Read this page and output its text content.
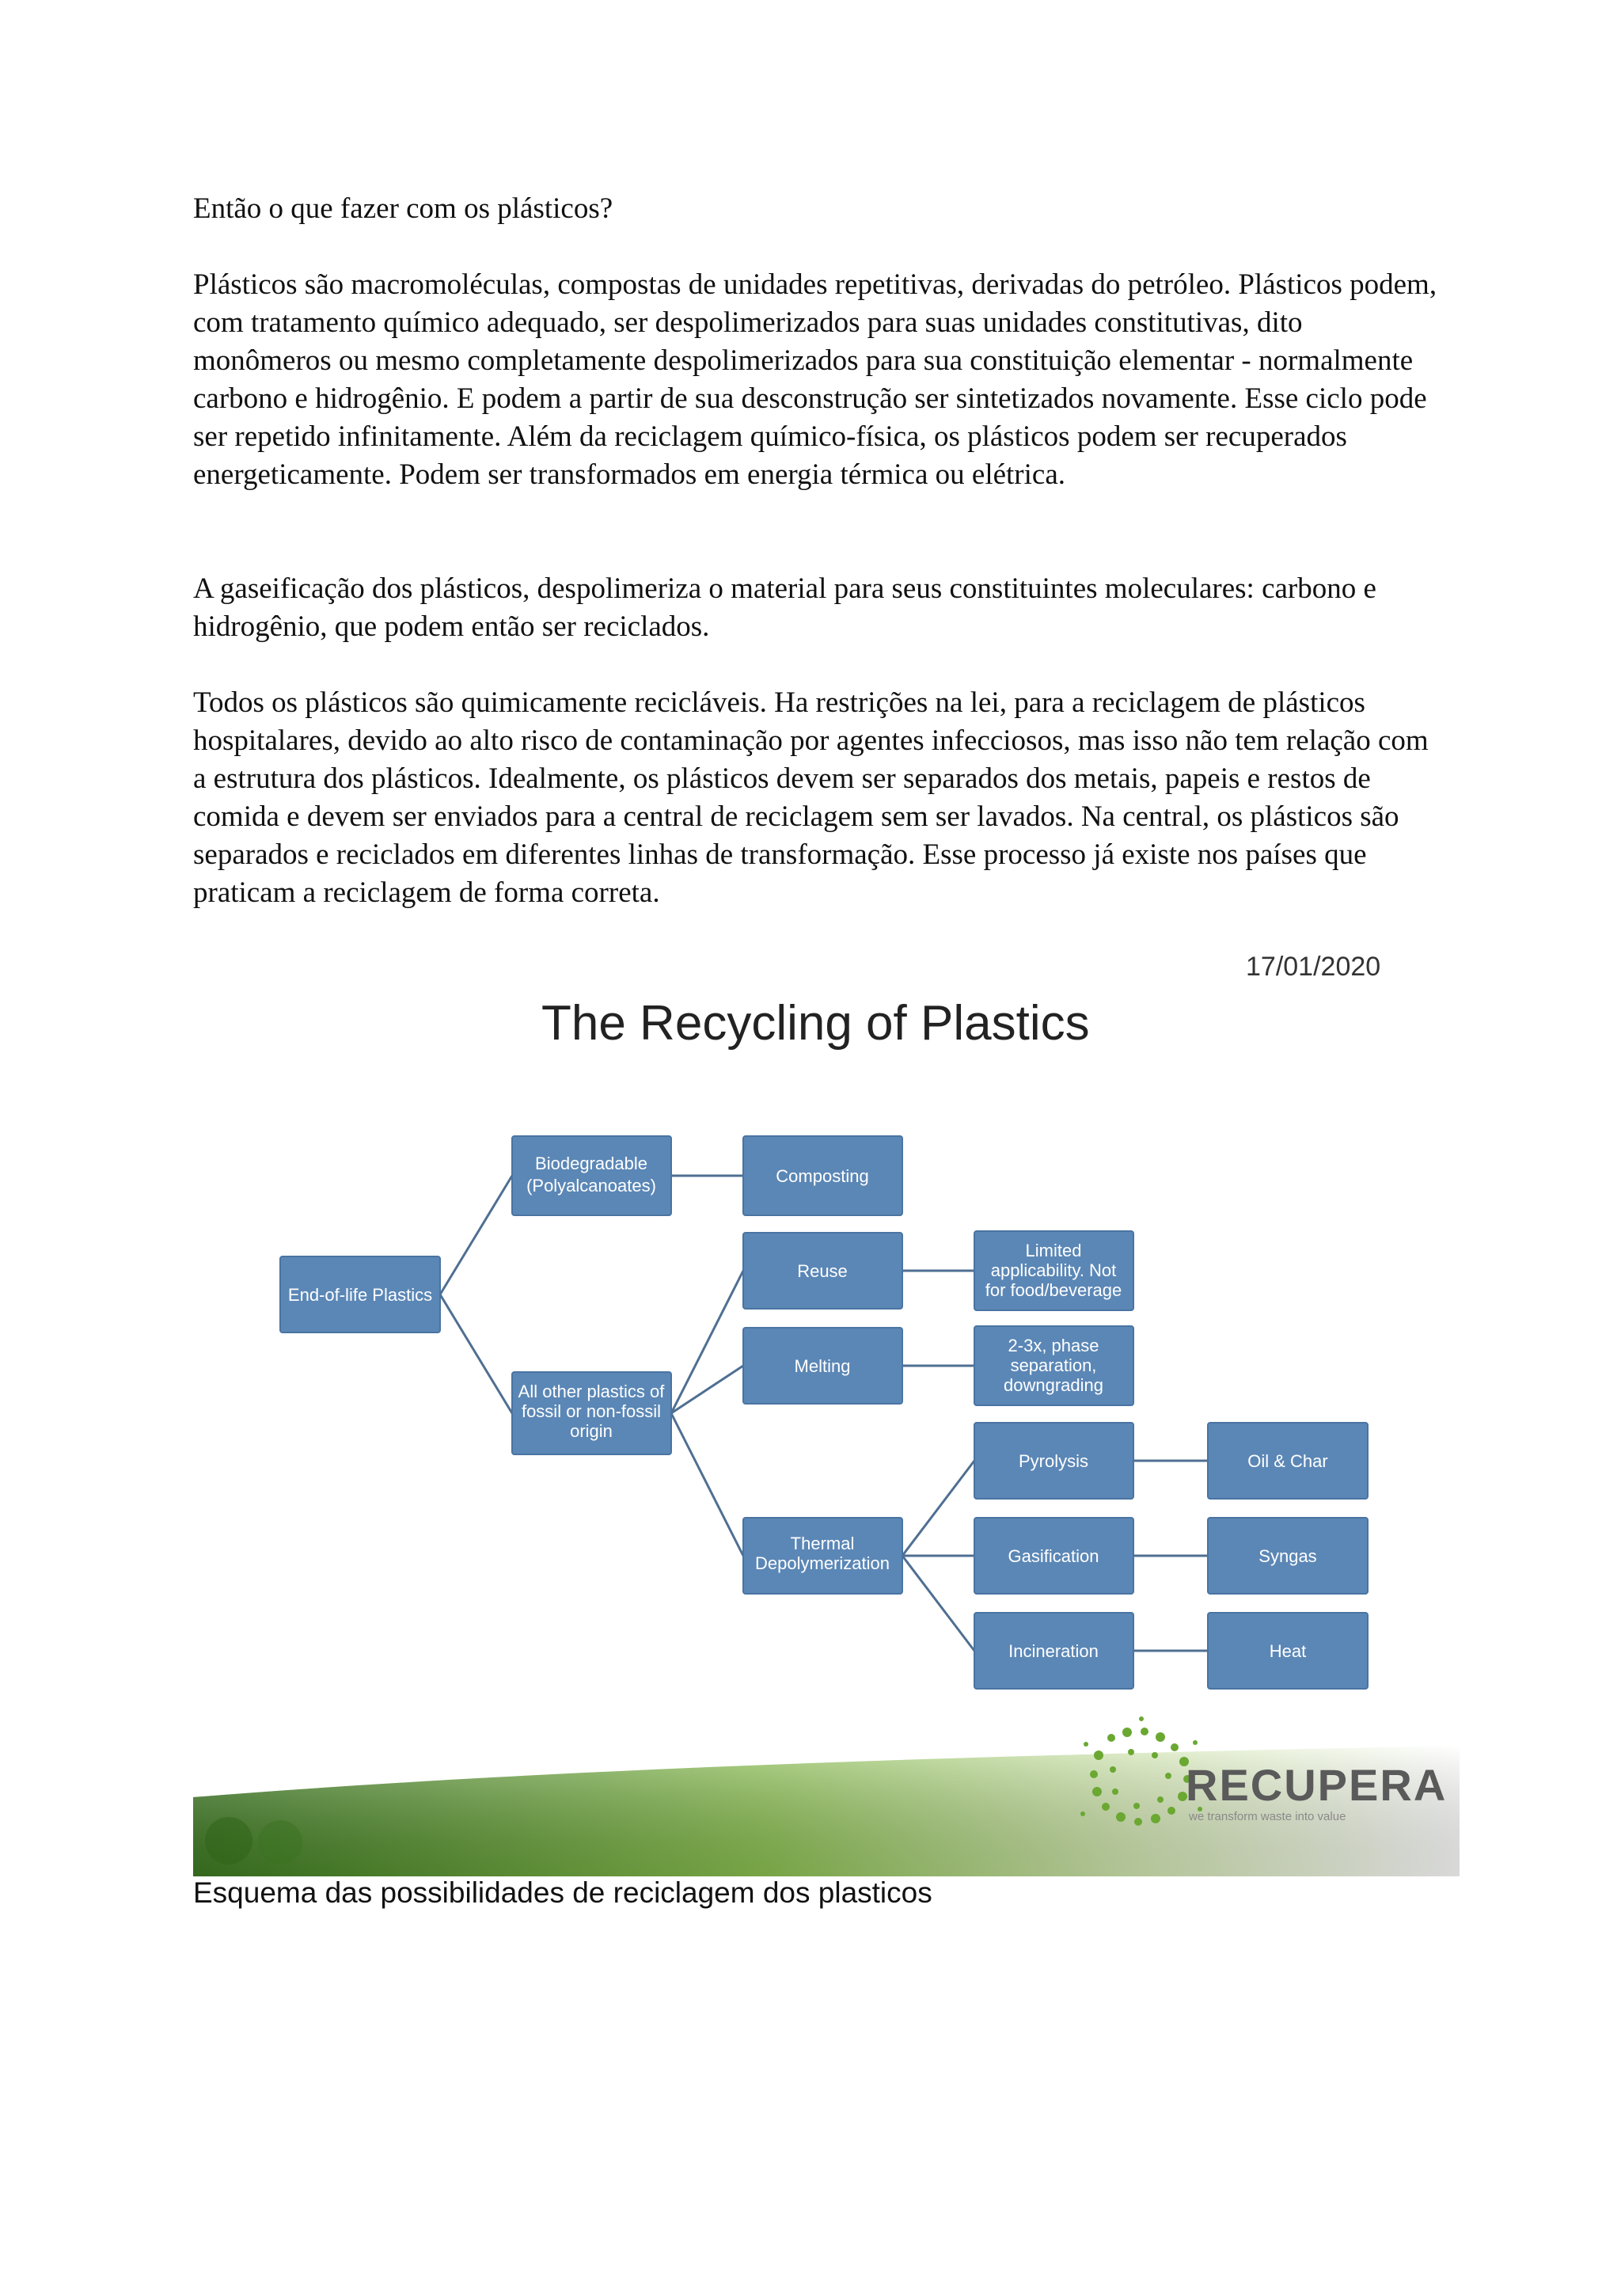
Então o que fazer com os plásticos?

Plásticos são macromoléculas, compostas de unidades repetitivas, derivadas do petróleo. Plásticos podem, com tratamento químico adequado, ser despolimerizados para suas unidades constitutivas, dito monômeros ou mesmo completamente despolimerizados para sua constituição elementar - normalmente carbono e hidrogênio. E podem a partir de sua desconstrução ser sintetizados novamente. Esse ciclo pode ser repetido infinitamente. Além da reciclagem químico-física, os plásticos podem ser recuperados energeticamente. Podem ser transformados em energia térmica ou elétrica.

A gaseificação dos plásticos, despolimeriza o material para seus constituintes moleculares: carbono e hidrogênio, que podem então ser reciclados.

Todos os plásticos são quimicamente recicláveis. Ha restrições na lei, para a reciclagem de plásticos hospitalares, devido ao alto risco de contaminação por agentes infecciosos, mas isso não tem relação com a estrutura dos plásticos. Idealmente, os plásticos devem ser separados dos metais, papeis e restos de comida e devem ser enviados para a central de reciclagem sem ser lavados. Na central, os plásticos são separados e reciclados em diferentes linhas de transformação. Esse processo já existe nos países que praticam a reciclagem de forma correta.

17/01/2020
The Recycling of Plastics
End-of-life Plastics
Biodegradable
(Polyalcanoates)
All other plastics of
fossil or non-fossil
origin
Composting
Reuse
Melting
Thermal
Depolymerization
Limited
applicability. Not
for food/beverage
2-3x, phase
separation,
downgrading
Pyrolysis
Gasification
Incineration
Oil & Char
Syngas
Heat
RECUPERA
we transform waste into value
Esquema das possibilidades de reciclagem dos plasticos
